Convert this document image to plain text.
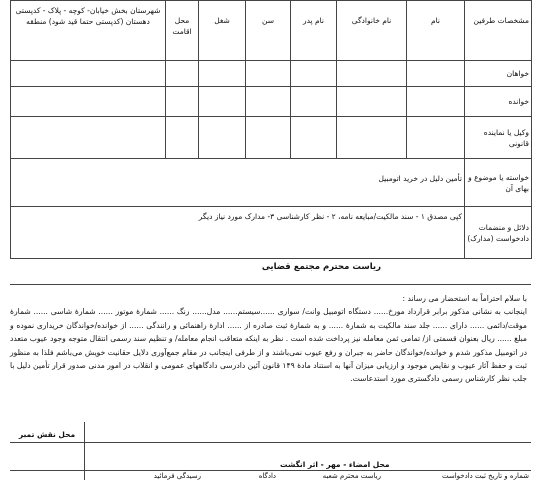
مشخصات طرفین	نام	نام خانوادگی	نام پدر	سن	شغل	محل اقامت	شهرستان بخش خیابان- کوچه - پلاک - کدپستی دهستان (کدپستی حتما قید شود) منطقه
خواهان							
خوانده							
وکیل یا نماینده قانونی							
خواسته یا موضوع و بهای آن	تأمین دلیل در خرید اتومبیل						
دلائل و منضمات دادخواست (مدارک)	کپی مصدق ۱ - سند مالکیت/مبایعه نامه، ۲ - نظر کارشناسی ۳- مدارک مورد نیاز دیگر						
ریاست محترم مجتمع قضایی

با سلام احتراماً به استحضار می رساند :

اینجانب به نشانی مذکور برابر قرارداد مورخ...... دستگاه اتومبیل وانت/ سواری ......سیستم...... مدل...... رنگ ...... شمارهٔ موتور ...... شمارهٔ شاسی ...... شمارهٔ موقت/دائمی ...... دارای ...... جلد سند مالکیت به شمارهٔ ...... و به شمارهٔ ثبت صادره از ...... ادارهٔ راهنمائی و رانندگی ...... از خوانده/خواندگان خریداری نموده و مبلغ ...... ریال بعنوان قسمتی از/ تمامی ثمن معامله نیز پرداخت شده است . نظر به اینکه متعاقب انجام معامله/ و تنظیم سند رسمی انتقال متوجه وجود عیوب متعدد در اتومبیل مذکور شدم و خوانده/خواندگان حاضر به جبران و رفع عیوب نمی‌باشند و از طرفی اینجانب در مقام جمع‌آوری دلایل حقانیت خویش می‌باشم فلذا به منظور ثبت و حفظ آثار عیوب و نقایص موجود و ارزیابی میزان آنها به استناد مادهٔ ۱۴۹ قانون آئین دادرسی دادگاههای عمومی و انقلاب در امور مدنی صدور قرار تأمین دلیل با جلب نظر کارشناس رسمی دادگستری مورد استدعاست.

محل نقش تمبر
محل امضاء - مهر - اثر انگشت
شماره و تاریخ ثبت دادخواست
ریاست محترم شعبه
دادگاه
رسیدگی فرمائید
